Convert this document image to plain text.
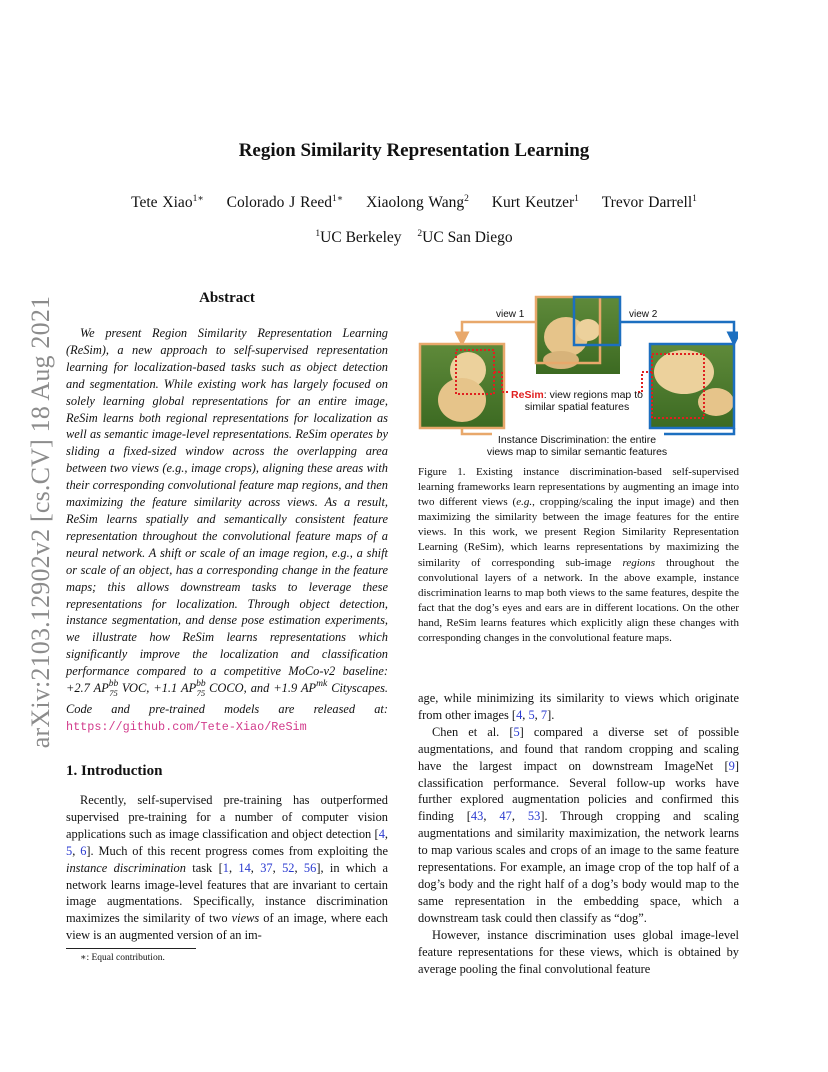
arXiv:2103.12902v2 [cs.CV] 18 Aug 2021
Region Similarity Representation Learning
Tete Xiao$^{1∗}$ Colorado J Reed$^{1∗}$ Xiaolong Wang$^2$ Kurt Keutzer$^1$ Trevor Darrell$^1$
$^1$UC Berkeley $^2$UC San Diego
Abstract

We present Region Similarity Representation Learning (ReSim), a new approach to self-supervised representation learning for localization-based tasks such as object detection and segmentation. While existing work has largely focused on solely learning global representations for an entire image, ReSim learns both regional representations for localization as well as semantic image-level representations. ReSim operates by sliding a fixed-sized window across the overlapping area between two views (e.g., image crops), aligning these areas with their corresponding convolutional feature map regions, and then maximizing the feature similarity across views. As a result, ReSim learns spatially and semantically consistent feature representation throughout the convolutional feature maps of a neural network. A shift or scale of an image region, e.g., a shift or scale of an object, has a corresponding change in the feature maps; this allows downstream tasks to leverage these representations for localization. Through object detection, instance segmentation, and dense pose estimation experiments, we illustrate how ReSim learns representations which significantly improve the localization and classification performance compared to a competitive MoCo-v2 baseline: +2.7 $AP^{bb}_{75}$ VOC, +1.1 $AP^{bb}_{75}$ COCO, and +1.9 $AP^{mk}$ Cityscapes. Code and pre-trained models are released at: https://github.com/Tete-Xiao/ReSim

1. Introduction

Recently, self-supervised pre-training has outperformed supervised pre-training for a number of computer vision applications such as image classification and object detection [4, 5, 6]. Much of this recent progress comes from exploiting the instance discrimination task [1, 14, 37, 52, 56], in which a network learns image-level features that are invariant to certain image augmentations. Specifically, instance discrimination maximizes the similarity of two views of an image, where each view is an augmented version of an im-

∗: Equal contribution.
view 1	view 2
ReSim: view regions map to
similar spatial features
Instance Discrimination: the entire
views map to similar semantic features

Figure 1. Existing instance discrimination-based self-supervised learning frameworks learn representations by augmenting an image into two different views (e.g., cropping/scaling the input image) and then maximizing the similarity between the image features for the entire views. In this work, we present Region Similarity Representation Learning (ReSim), which learns representations by maximizing the similarity of corresponding sub-image regions throughout the convolutional layers of a network. In the above example, instance discrimination learns to map both views to the same features, despite the fact that the dog’s eyes and ears are in different locations. On the other hand, ReSim learns features which explicitly align these changes with corresponding changes in the convolutional feature maps.

age, while minimizing its similarity to views which originate from other images [4, 5, 7].

Chen et al. [5] compared a diverse set of possible augmentations, and found that random cropping and scaling have the largest impact on downstream ImageNet [9] classification performance. Several follow-up works have further explored augmentation policies and confirmed this finding [43, 47, 53]. Through cropping and scaling augmentations and similarity maximization, the network learns to map various scales and crops of an image to the same feature representations. For example, an image crop of the top half of a dog’s body and the right half of a dog’s body would map to the same representation in the embedding space, which a downstream task could then classify as “dog”.

However, instance discrimination uses global image-level feature representations for these views, which is obtained by average pooling the final convolutional feature
